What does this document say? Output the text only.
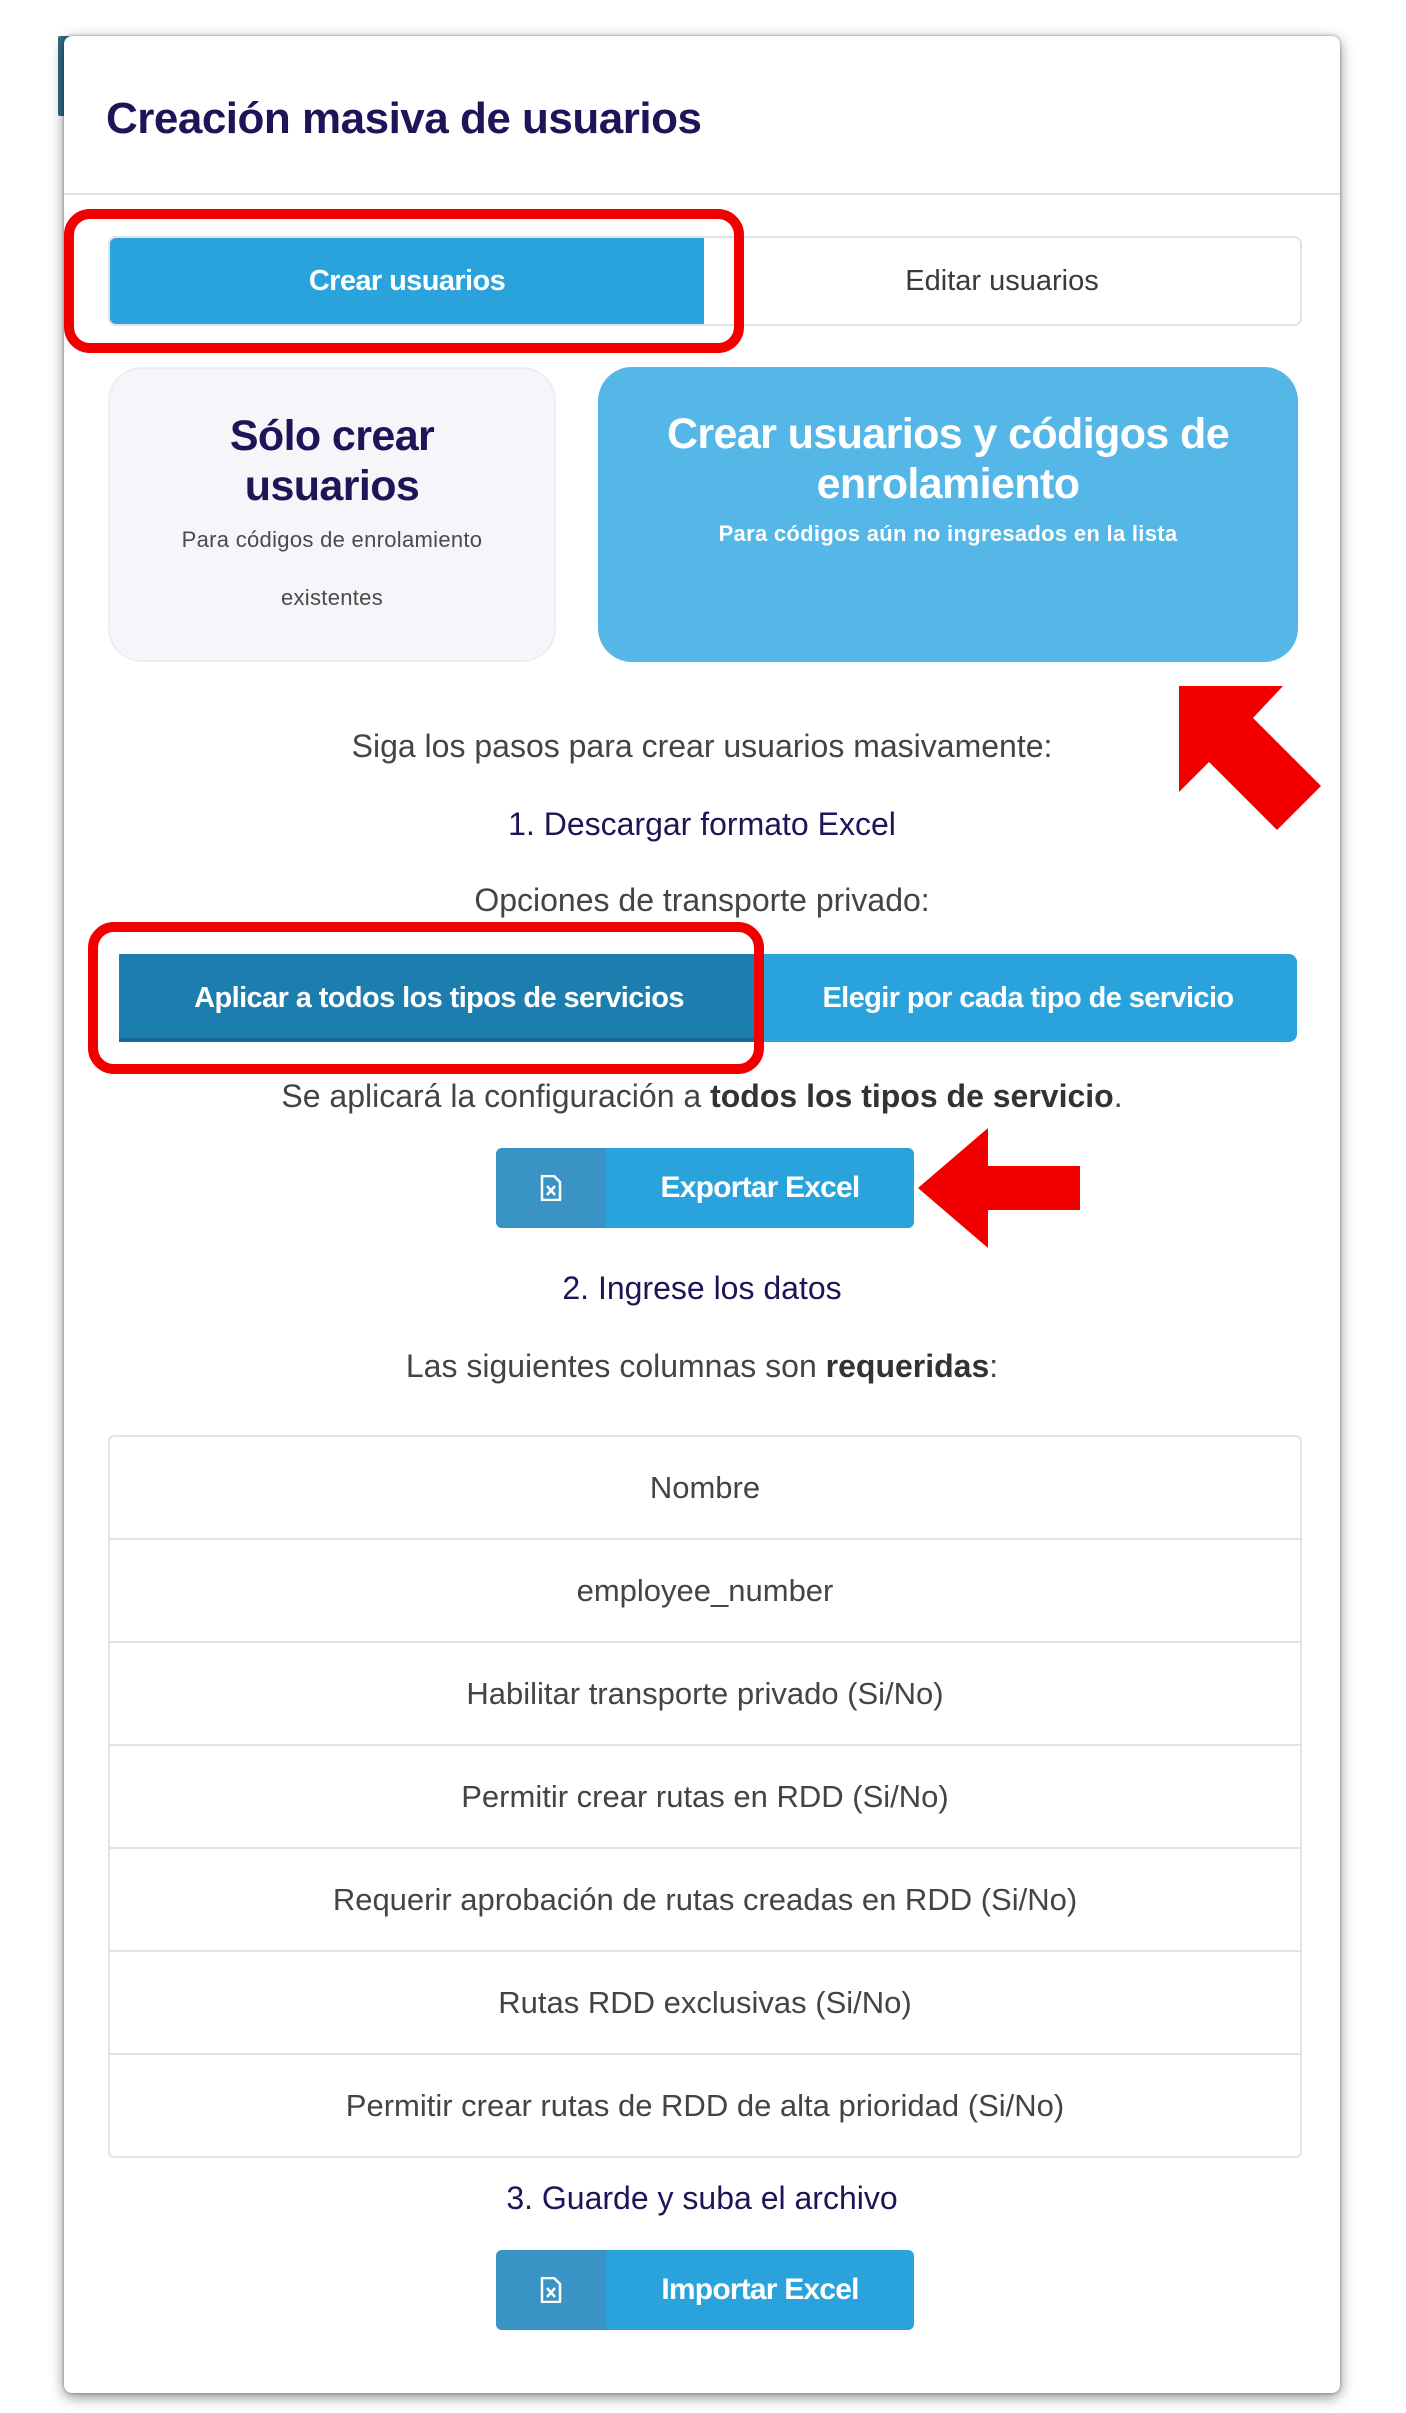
Creación masiva de usuarios
Crear usuarios	Editar usuarios
Sólo crear usuarios
Para códigos de enrolamiento existentes
Crear usuarios y códigos de enrolamiento
Para códigos aún no ingresados en la lista
Siga los pasos para crear usuarios masivamente:
1. Descargar formato Excel
Opciones de transporte privado:
Aplicar a todos los tipos de servicios	Elegir por cada tipo de servicio
Se aplicará la configuración a todos los tipos de servicio.
Exportar Excel
2. Ingrese los datos
Las siguientes columnas son requeridas:
Nombre
employee_number
Habilitar transporte privado (Si/No)
Permitir crear rutas en RDD (Si/No)
Requerir aprobación de rutas creadas en RDD (Si/No)
Rutas RDD exclusivas (Si/No)
Permitir crear rutas de RDD de alta prioridad (Si/No)
3. Guarde y suba el archivo
Importar Excel
